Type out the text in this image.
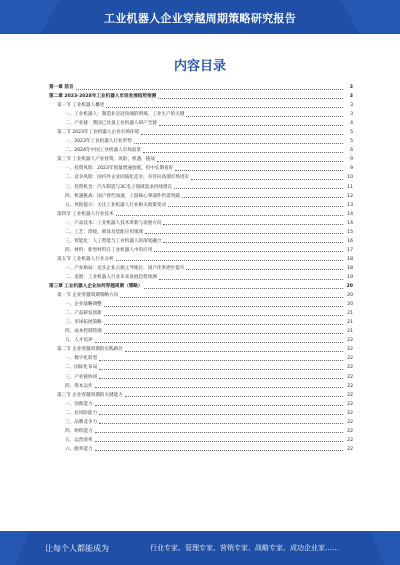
工业机器人企业穿越周期策略研究报告
内容目录
第一章 前言	3
第二章 2023-2028年工业机器人市场发展趋势预测	3
第一节 工业机器人概述	3
一、工业机器人：制造业皇冠顶端的明珠，工业生产的关键	3
二、产业链：我国已具备工业机器人研产全链	4
第二节 2023年工业机器人企业市场环境	5
一、2023年工业机器人行业形势	5
二、2024年中国工业机器人市场前景	6
第三节 工业机器人产业投资、风险、机遇、挑战	9
一、投资风险：2023年销量增速放缓，但中长期看好	9
二、竞争风险：国内外企业同质化竞争，有待向高端市场进军	10
三、投资机会：汽车制造与3C电子领域需求持续增长	11
四、机遇挑战：国产替代加速，上游核心零部件仍需突破	12
五、风险提示：关注工业机器人行业相关政策变动	13
第四节 工业机器人行业技术	14
一、产品技术：工业机器人技术革新与发展方向	14
二、工艺：焊接、喷涂及装配应用领域	15
三、智能化：人工智能与工业机器人的深度融合	16
四、材料：新型材料在工业机器人中的应用	17
第五节 工业机器人行业分析	18
一、产业格局：龙头企业占据主导地位，国产化率逐步提升	18
二、发展：工业机器人行业未来发展趋势预测	19
第三章 工业机器人企业如何穿越周期（策略）	20
第一节 企业穿越周期策略方向	20
一、企业战略调整	20
二、产品研发创新	21
三、市场拓展策略	21
四、成本控制管理	21
五、人才培养	22
第二节 企业穿越周期的实践路径	22
一、数字化转型	22
二、国际化布局	22
三、产业链协同	22
四、资本运作	22
第三节 企业穿越周期的关键能力	22
一、创新能力	22
二、抗风险能力	22
三、品牌竞争力	22
四、组织能力	22
五、运营效率	22
六、服务能力	22
让每个人都能成为	行业专家、管理专家、营销专家、战略专家、成功企业家……
